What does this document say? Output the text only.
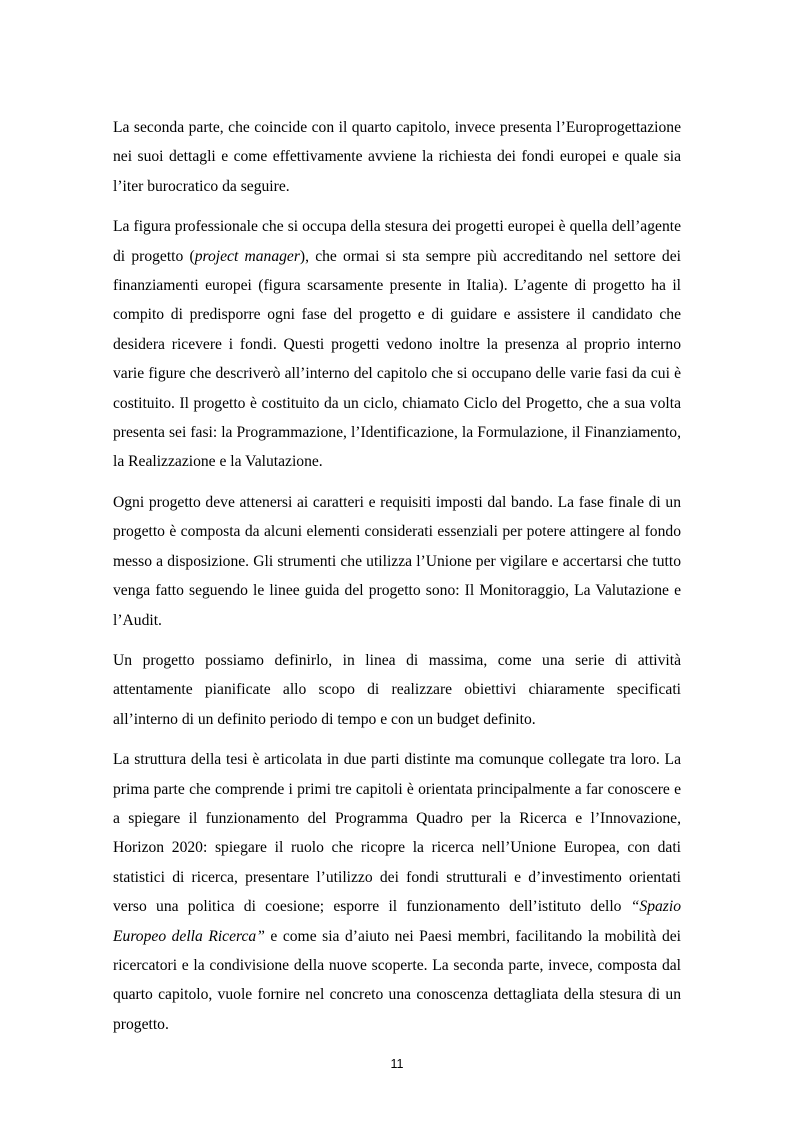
La seconda parte, che coincide con il quarto capitolo, invece presenta l’Europrogettazione nei suoi dettagli e come effettivamente avviene la richiesta dei fondi europei e quale sia l’iter burocratico da seguire.

La figura professionale che si occupa della stesura dei progetti europei è quella dell’agente di progetto (project manager), che ormai si sta sempre più accreditando nel settore dei finanziamenti europei (figura scarsamente presente in Italia). L’agente di progetto ha il compito di predisporre ogni fase del progetto e di guidare e assistere il candidato che desidera ricevere i fondi. Questi progetti vedono inoltre la presenza al proprio interno varie figure che descriverò all’interno del capitolo che si occupano delle varie fasi da cui è costituito. Il progetto è costituito da un ciclo, chiamato Ciclo del Progetto, che a sua volta presenta sei fasi: la Programmazione, l’Identificazione, la Formulazione, il Finanziamento, la Realizzazione e la Valutazione.

Ogni progetto deve attenersi ai caratteri e requisiti imposti dal bando. La fase finale di un progetto è composta da alcuni elementi considerati essenziali per potere attingere al fondo messo a disposizione. Gli strumenti che utilizza l’Unione per vigilare e accertarsi che tutto venga fatto seguendo le linee guida del progetto sono: Il Monitoraggio, La Valutazione e l’Audit.

Un progetto possiamo definirlo, in linea di massima, come una serie di attività attentamente pianificate allo scopo di realizzare obiettivi chiaramente specificati all’interno di un definito periodo di tempo e con un budget definito.

La struttura della tesi è articolata in due parti distinte ma comunque collegate tra loro. La prima parte che comprende i primi tre capitoli è orientata principalmente a far conoscere e a spiegare il funzionamento del Programma Quadro per la Ricerca e l’Innovazione, Horizon 2020: spiegare il ruolo che ricopre la ricerca nell’Unione Europea, con dati statistici di ricerca, presentare l’utilizzo dei fondi strutturali e d’investimento orientati verso una politica di coesione; esporre il funzionamento dell’istituto dello “Spazio Europeo della Ricerca” e come sia d’aiuto nei Paesi membri, facilitando la mobilità dei ricercatori e la condivisione della nuove scoperte. La seconda parte, invece, composta dal quarto capitolo, vuole fornire nel concreto una conoscenza dettagliata della stesura di un progetto.

11
